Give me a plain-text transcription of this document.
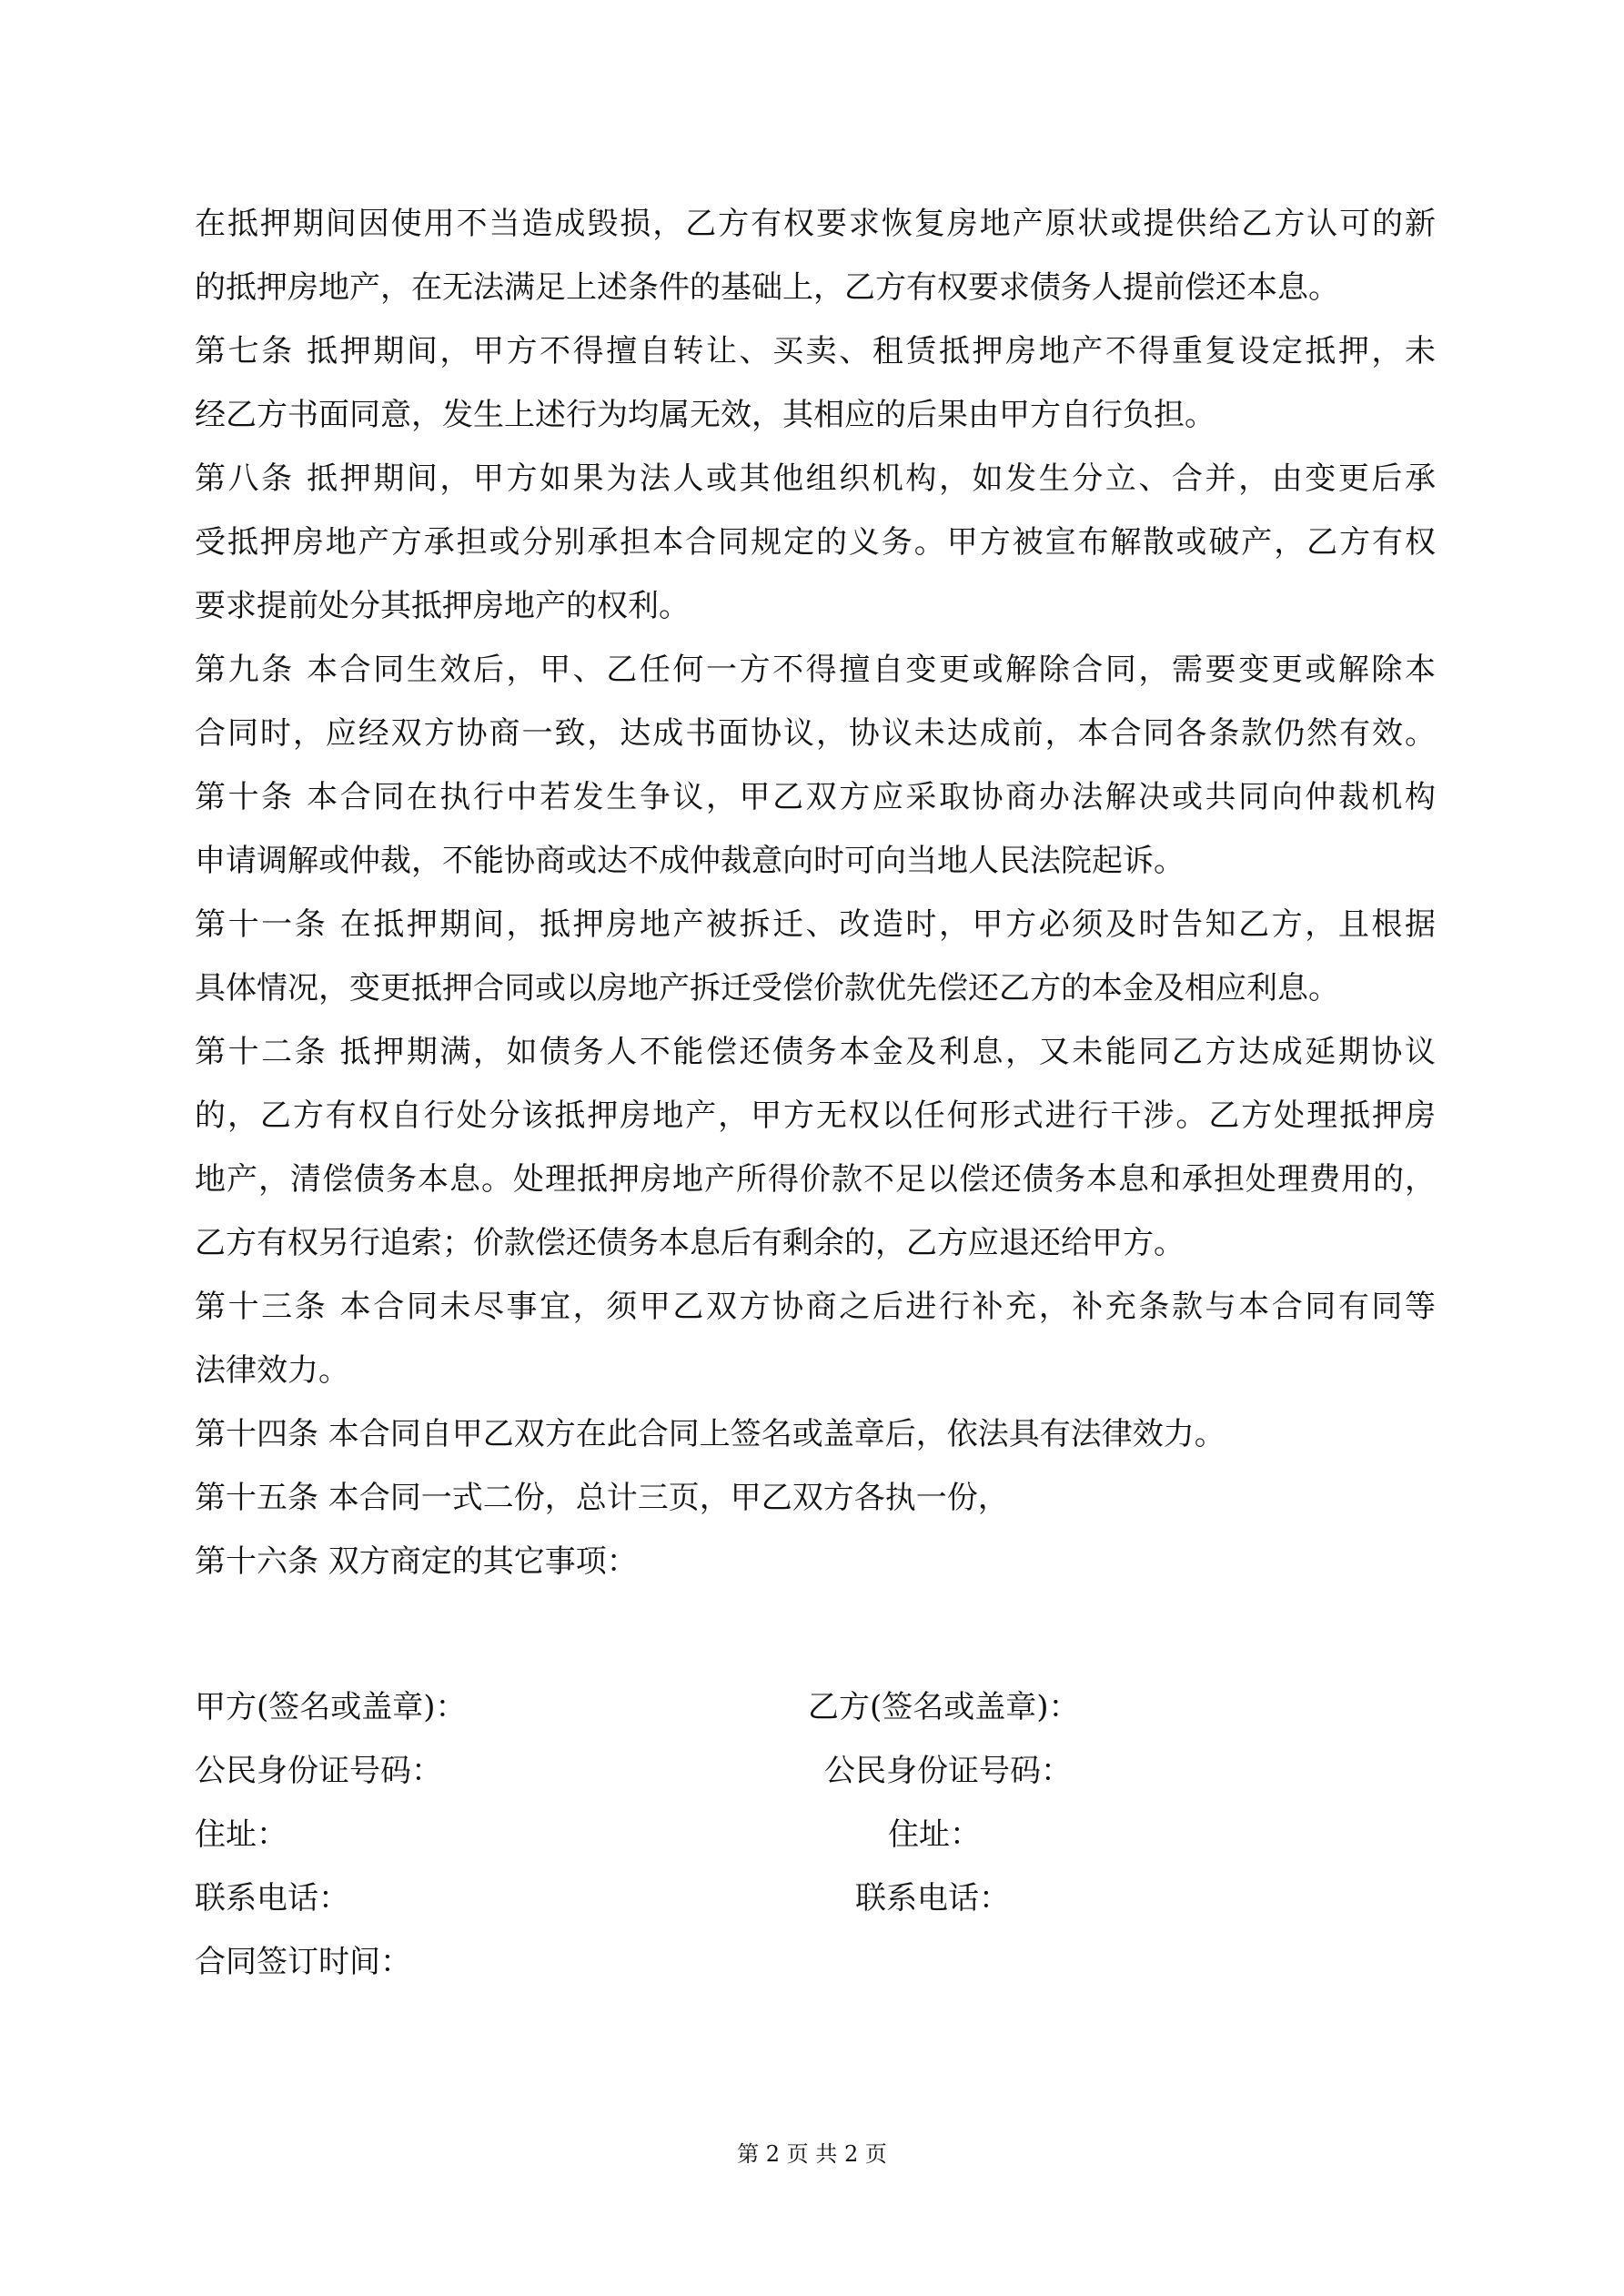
在抵押期间因使用不当造成毁损，乙方有权要求恢复房地产原状或提供给乙方认可的新
的抵押房地产，在无法满足上述条件的基础上，乙方有权要求债务人提前偿还本息。
第七条 抵押期间，甲方不得擅自转让、买卖、租赁抵押房地产不得重复设定抵押，未
经乙方书面同意，发生上述行为均属无效，其相应的后果由甲方自行负担。
第八条 抵押期间，甲方如果为法人或其他组织机构，如发生分立、合并，由变更后承
受抵押房地产方承担或分别承担本合同规定的义务。甲方被宣布解散或破产，乙方有权
要求提前处分其抵押房地产的权利。
第九条 本合同生效后，甲、乙任何一方不得擅自变更或解除合同，需要变更或解除本
合同时，应经双方协商一致，达成书面协议，协议未达成前，本合同各条款仍然有效。
第十条 本合同在执行中若发生争议，甲乙双方应采取协商办法解决或共同向仲裁机构
申请调解或仲裁，不能协商或达不成仲裁意向时可向当地人民法院起诉。
第十一条 在抵押期间，抵押房地产被拆迁、改造时，甲方必须及时告知乙方，且根据
具体情况，变更抵押合同或以房地产拆迁受偿价款优先偿还乙方的本金及相应利息。
第十二条 抵押期满，如债务人不能偿还债务本金及利息，又未能同乙方达成延期协议
的，乙方有权自行处分该抵押房地产，甲方无权以任何形式进行干涉。乙方处理抵押房
地产，清偿债务本息。处理抵押房地产所得价款不足以偿还债务本息和承担处理费用的，
乙方有权另行追索；价款偿还债务本息后有剩余的，乙方应退还给甲方。
第十三条 本合同未尽事宜，须甲乙双方协商之后进行补充，补充条款与本合同有同等
法律效力。
第十四条 本合同自甲乙双方在此合同上签名或盖章后，依法具有法律效力。
第十五条 本合同一式二份，总计三页，甲乙双方各执一份，
第十六条 双方商定的其它事项：
甲方(签名或盖章)：	乙方(签名或盖章)：
公民身份证号码：	公民身份证号码：
住址：	住址：
联系电话：	联系电话：
合同签订时间：
第 2 页 共 2 页
